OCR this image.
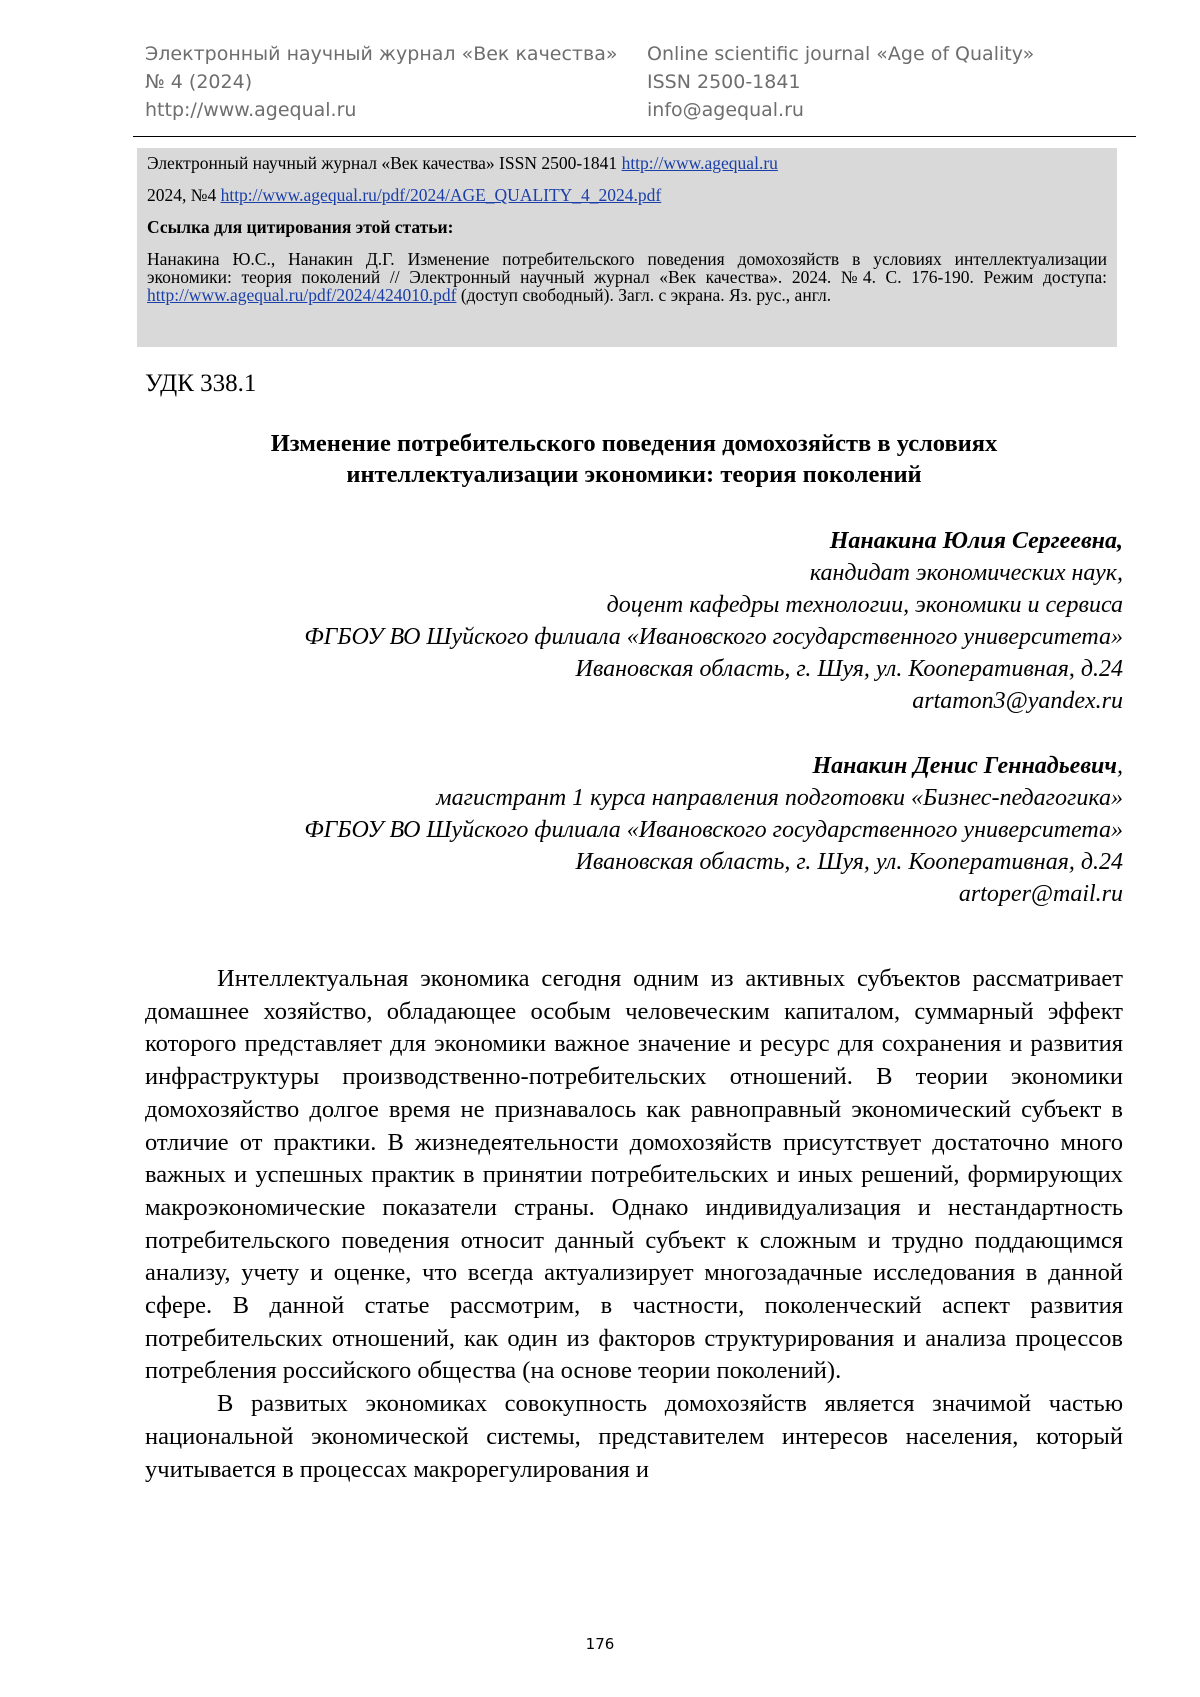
Электронный научный журнал «Век качества»
№ 4 (2024)
http://www.agequal.ru
Online scientific journal «Age of Quality»
ISSN 2500-1841
info@agequal.ru
Электронный научный журнал «Век качества» ISSN 2500-1841 http://www.agequal.ru
2024, №4 http://www.agequal.ru/pdf/2024/AGE_QUALITY_4_2024.pdf
Ссылка для цитирования этой статьи:

Нанакина Ю.С., Нанакин Д.Г. Изменение потребительского поведения домохозяйств в условиях интеллектуализации экономики: теория поколений // Электронный научный журнал «Век качества». 2024. №4. С. 176-190. Режим доступа: http://www.agequal.ru/pdf/2024/424010.pdf (доступ свободный). Загл. с экрана. Яз. рус., англ.

УДК 338.1
Изменение потребительского поведения домохозяйств в условиях
интеллектуализации экономики: теория поколений
Нанакина Юлия Сергеевна,
кандидат экономических наук,
доцент кафедры технологии, экономики и сервиса
ФГБОУ ВО Шуйского филиала «Ивановского государственного университета»
Ивановская область, г. Шуя, ул. Кооперативная, д.24
artamon3@yandex.ru
Нанакин Денис Геннадьевич,
магистрант 1 курса направления подготовки «Бизнес-педагогика»
ФГБОУ ВО Шуйского филиала «Ивановского государственного университета»
Ивановская область, г. Шуя, ул. Кооперативная, д.24
artoper@mail.ru

Интеллектуальная экономика сегодня одним из активных субъектов рассматривает домашнее хозяйство, обладающее особым человеческим капиталом, суммарный эффект которого представляет для экономики важное значение и ресурс для сохранения и развития инфраструктуры производственно-потребительских отношений. В теории экономики домохозяйство долгое время не признавалось как равноправный экономический субъект в отличие от практики. В жизнедеятельности домохозяйств присутствует достаточно много важных и успешных практик в принятии потребительских и иных решений, формирующих макроэкономические показатели страны. Однако индивидуализация и нестандартность потребительского поведения относит данный субъект к сложным и трудно поддающимся анализу, учету и оценке, что всегда актуализирует многозадачные исследования в данной сфере. В данной статье рассмотрим, в частности, поколенческий аспект развития потребительских отношений, как один из факторов структурирования и анализа процессов потребления российского общества (на основе теории поколений).

В развитых экономиках совокупность домохозяйств является значимой частью национальной экономической системы, представителем интересов населения, который учитывается в процессах макрорегулирования и

176
